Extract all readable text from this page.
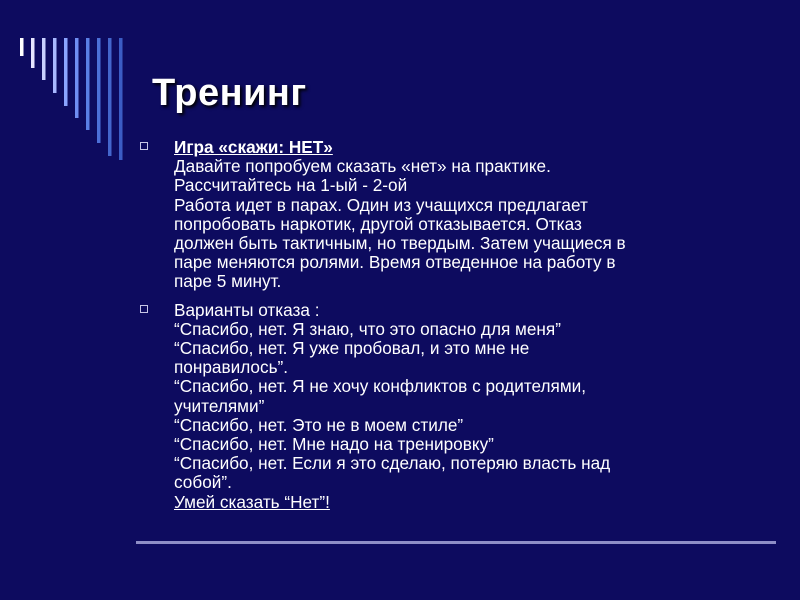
Тренинг
Игра «скажи: НЕТ»
Давайте попробуем сказать «нет» на практике.
Рассчитайтесь на 1-ый - 2-ой
Работа идет в парах. Один из учащихся предлагает
попробовать наркотик, другой отказывается. Отказ
должен быть тактичным, но твердым. Затем учащиеся в
паре меняются ролями. Время отведенное на работу в
паре 5 минут.
Варианты отказа :
“Спасибо, нет. Я знаю, что это опасно для меня”
“Спасибо, нет. Я уже пробовал, и это мне не
понравилось”.
“Спасибо, нет. Я не хочу конфликтов с родителями,
учителями”
“Спасибо, нет. Это не в моем стиле”
“Спасибо, нет. Мне надо на тренировку”
“Спасибо, нет. Если я это сделаю, потеряю власть над
собой”.
Умей сказать “Нет”!
